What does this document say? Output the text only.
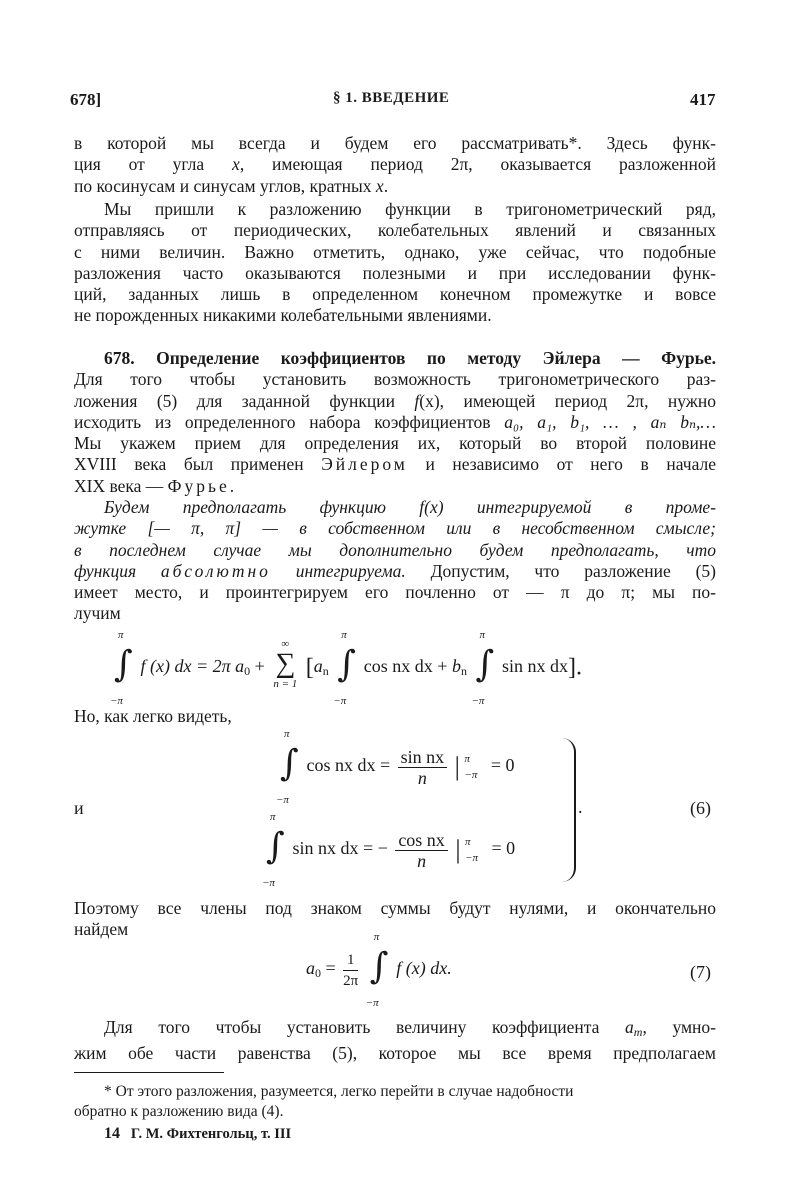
678]	§ 1. ВВЕДЕНИЕ	417
в которой мы всегда и будем его рассматривать*. Здесь функ-
ция от угла x, имеющая период 2π, оказывается разложенной
по косинусам и синусам углов, кратных x.
Мы пришли к разложению функции в тригонометрический ряд,
отправляясь от периодических, колебательных явлений и связанных
с ними величин. Важно отметить, однако, уже сейчас, что подобные
разложения часто оказываются полезными и при исследовании функ-
ций, заданных лишь в определенном конечном промежутке и вовсе
не порожденных никакими колебательными явлениями.
678. Определение коэффициентов по методу Эйлера — Фурье.
Для того чтобы установить возможность тригонометрического раз-
ложения (5) для заданной функции f(x), имеющей период 2π, нужно
исходить из определенного набора коэффициентов a₀, a₁, b₁, … , aₙ bₙ,…
Мы укажем прием для определения их, который во второй половине
XVIII века был применен Эйлером и независимо от него в начале
XIX века — Фурье.
Будем предполагать функцию f(x) интегрируемой в проме-
жутке [— π, π] — в собственном или в несобственном смысле;
в последнем случае мы дополнительно будем предполагать, что
функция абсолютно интегрируема. Допустим, что разложение (5)
имеет место, и проинтегрируем его почленно от — π до π; мы по-
лучим
π
∫
−π
f (x) dx = 2π $a_0$ +
∞
∑
n = 1
[$a_n$
π
∫
−π
cos nx dx + $b_n$
π
∫
−π
sin nx dx].
Но, как легко видеть,
π
∫
−π
cos nx dx = $\frac{\text{sin nx}}{n}$ | π
−π = 0
и	π
∫
−π
sin nx dx = − $\frac{\text{cos nx}}{n}$ | π
−π = 0
.	(6)
Поэтому все члены под знаком суммы будут нулями, и окончательно
найдем
$a_0 = \frac{1}{2\pi}$

π
∫
−π
f (x) dx.	(7)
Для того чтобы установить величину коэффициента $a_m$, умно-
жим обе части равенства (5), которое мы все время предполагаем
* От этого разложения, разумеется, легко перейти в случае надобности
обратно к разложению вида (4).
14 Г. М. Фихтенгольц, т. III
